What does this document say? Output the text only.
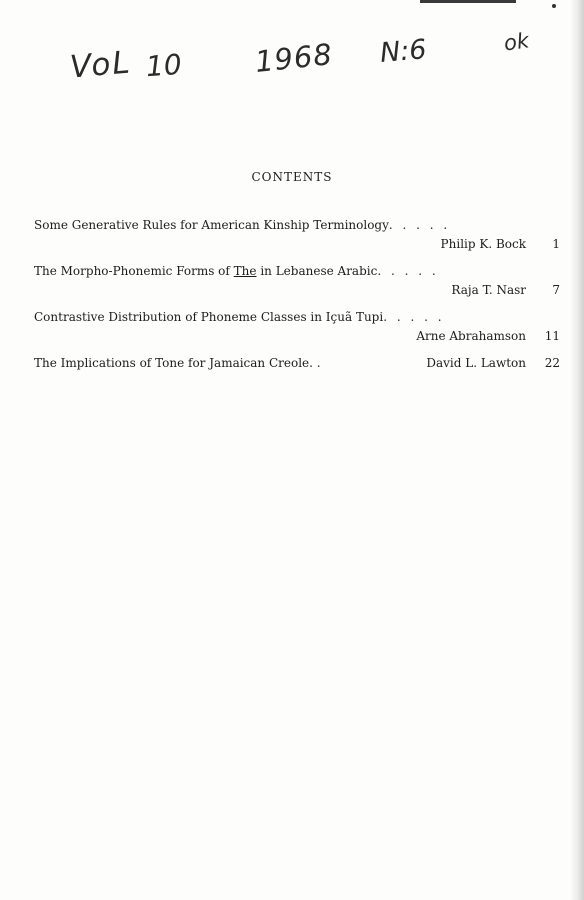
VoL 10 1968 N:6	ok
CONTENTS
Some Generative Rules for American Kinship Terminology. . . . .
Philip K. Bock	1
The Morpho-Phonemic Forms of The in Lebanese Arabic. . . . .
Raja T. Nasr	7
Contrastive Distribution of Phoneme Classes in Içuã Tupi. . . . .
Arne Abrahamson	11
The Implications of Tone for Jamaican Creole. .	David L. Lawton	22
